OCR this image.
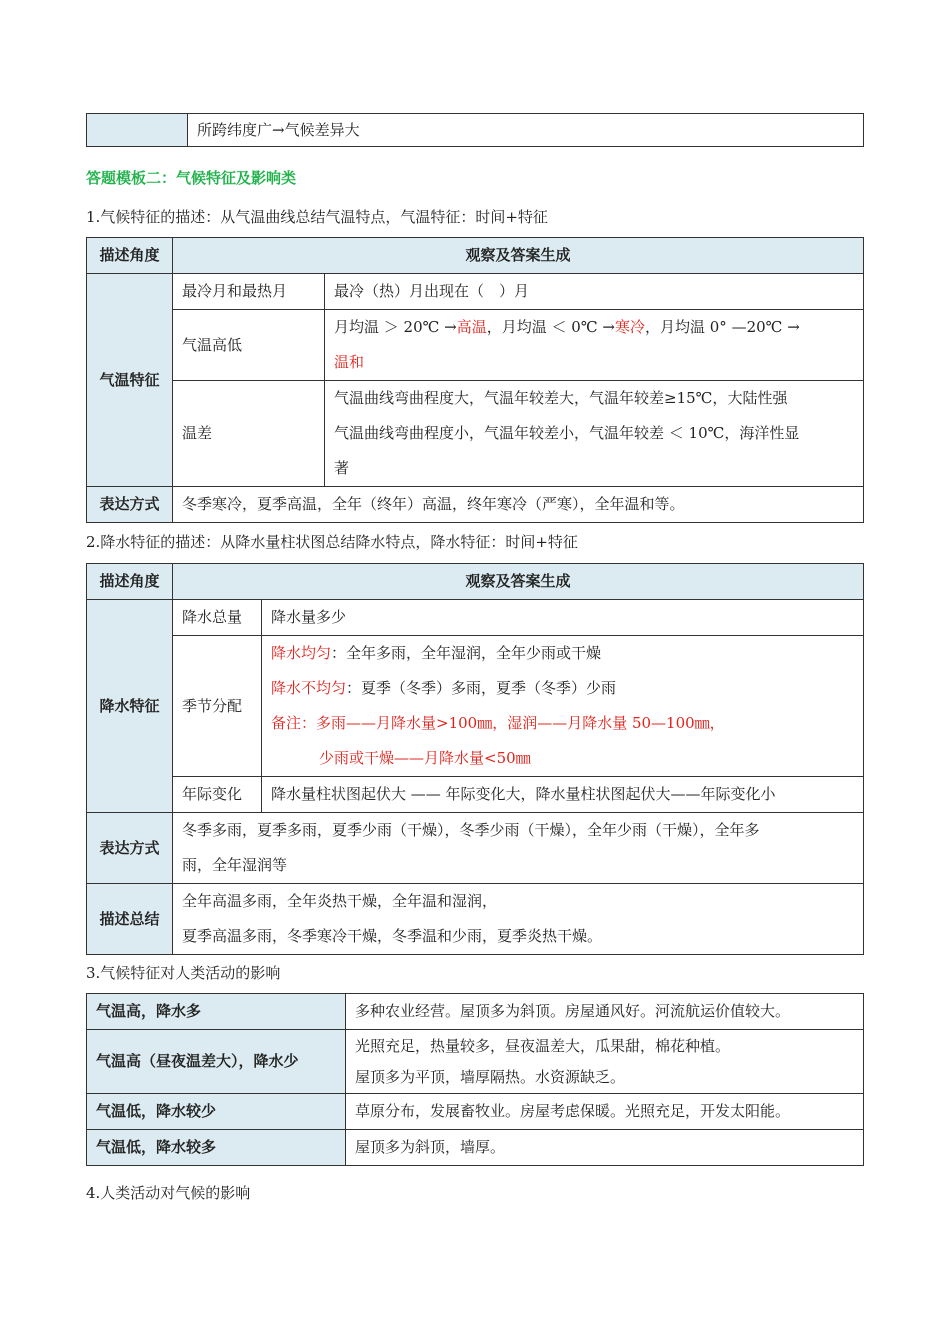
	所跨纬度广→气候差异大
答题模板二：气候特征及影响类
1.气候特征的描述：从气温曲线总结气温特点，气温特征：时间+特征
描述角度	观察及答案生成	
气温特征	最冷月和最热月	最冷（热）月出现在（　）月
	气温高低	月均温 ＞ 20℃ →高温，月均温 ＜ 0℃ →寒冷，月均温 0° —20℃ →
温和
	温差	气温曲线弯曲程度大，气温年较差大，气温年较差≥15℃，大陆性强
气温曲线弯曲程度小，气温年较差小，气温年较差 ＜ 10℃，海洋性显
著

表达方式	冬季寒冷，夏季高温，全年（终年）高温，终年寒冷（严寒），全年温和等。	
2.降水特征的描述：从降水量柱状图总结降水特点，降水特征：时间+特征
描述角度	观察及答案生成	
降水特征	降水总量	降水量多少
	季节分配	降水均匀：全年多雨，全年湿润，全年少雨或干燥
降水不均匀：夏季（冬季）多雨，夏季（冬季）少雨
备注：多雨——月降水量>100㎜，湿润——月降水量 50—100㎜，
少雨或干燥——月降水量<50㎜

	年际变化	降水量柱状图起伏大 —— 年际变化大，降水量柱状图起伏大——年际变化小
表达方式	冬季多雨，夏季多雨，夏季少雨（干燥），冬季少雨（干燥），全年少雨（干燥），全年多
雨，全年湿润等	

描述总结	全年高温多雨，全年炎热干燥，全年温和湿润，
夏季高温多雨，冬季寒冷干燥，冬季温和少雨，夏季炎热干燥。	
3.气候特征对人类活动的影响
气温高，降水多	多种农业经营。屋顶多为斜顶。房屋通风好。河流航运价值较大。
气温高（昼夜温差大），降水少	光照充足，热量较多，昼夜温差大，瓜果甜，棉花种植。
屋顶多为平顶，墙厚隔热。水资源缺乏。

气温低，降水较少	草原分布，发展畜牧业。房屋考虑保暖。光照充足，开发太阳能。
气温低，降水较多	屋顶多为斜顶，墙厚。
4.人类活动对气候的影响
